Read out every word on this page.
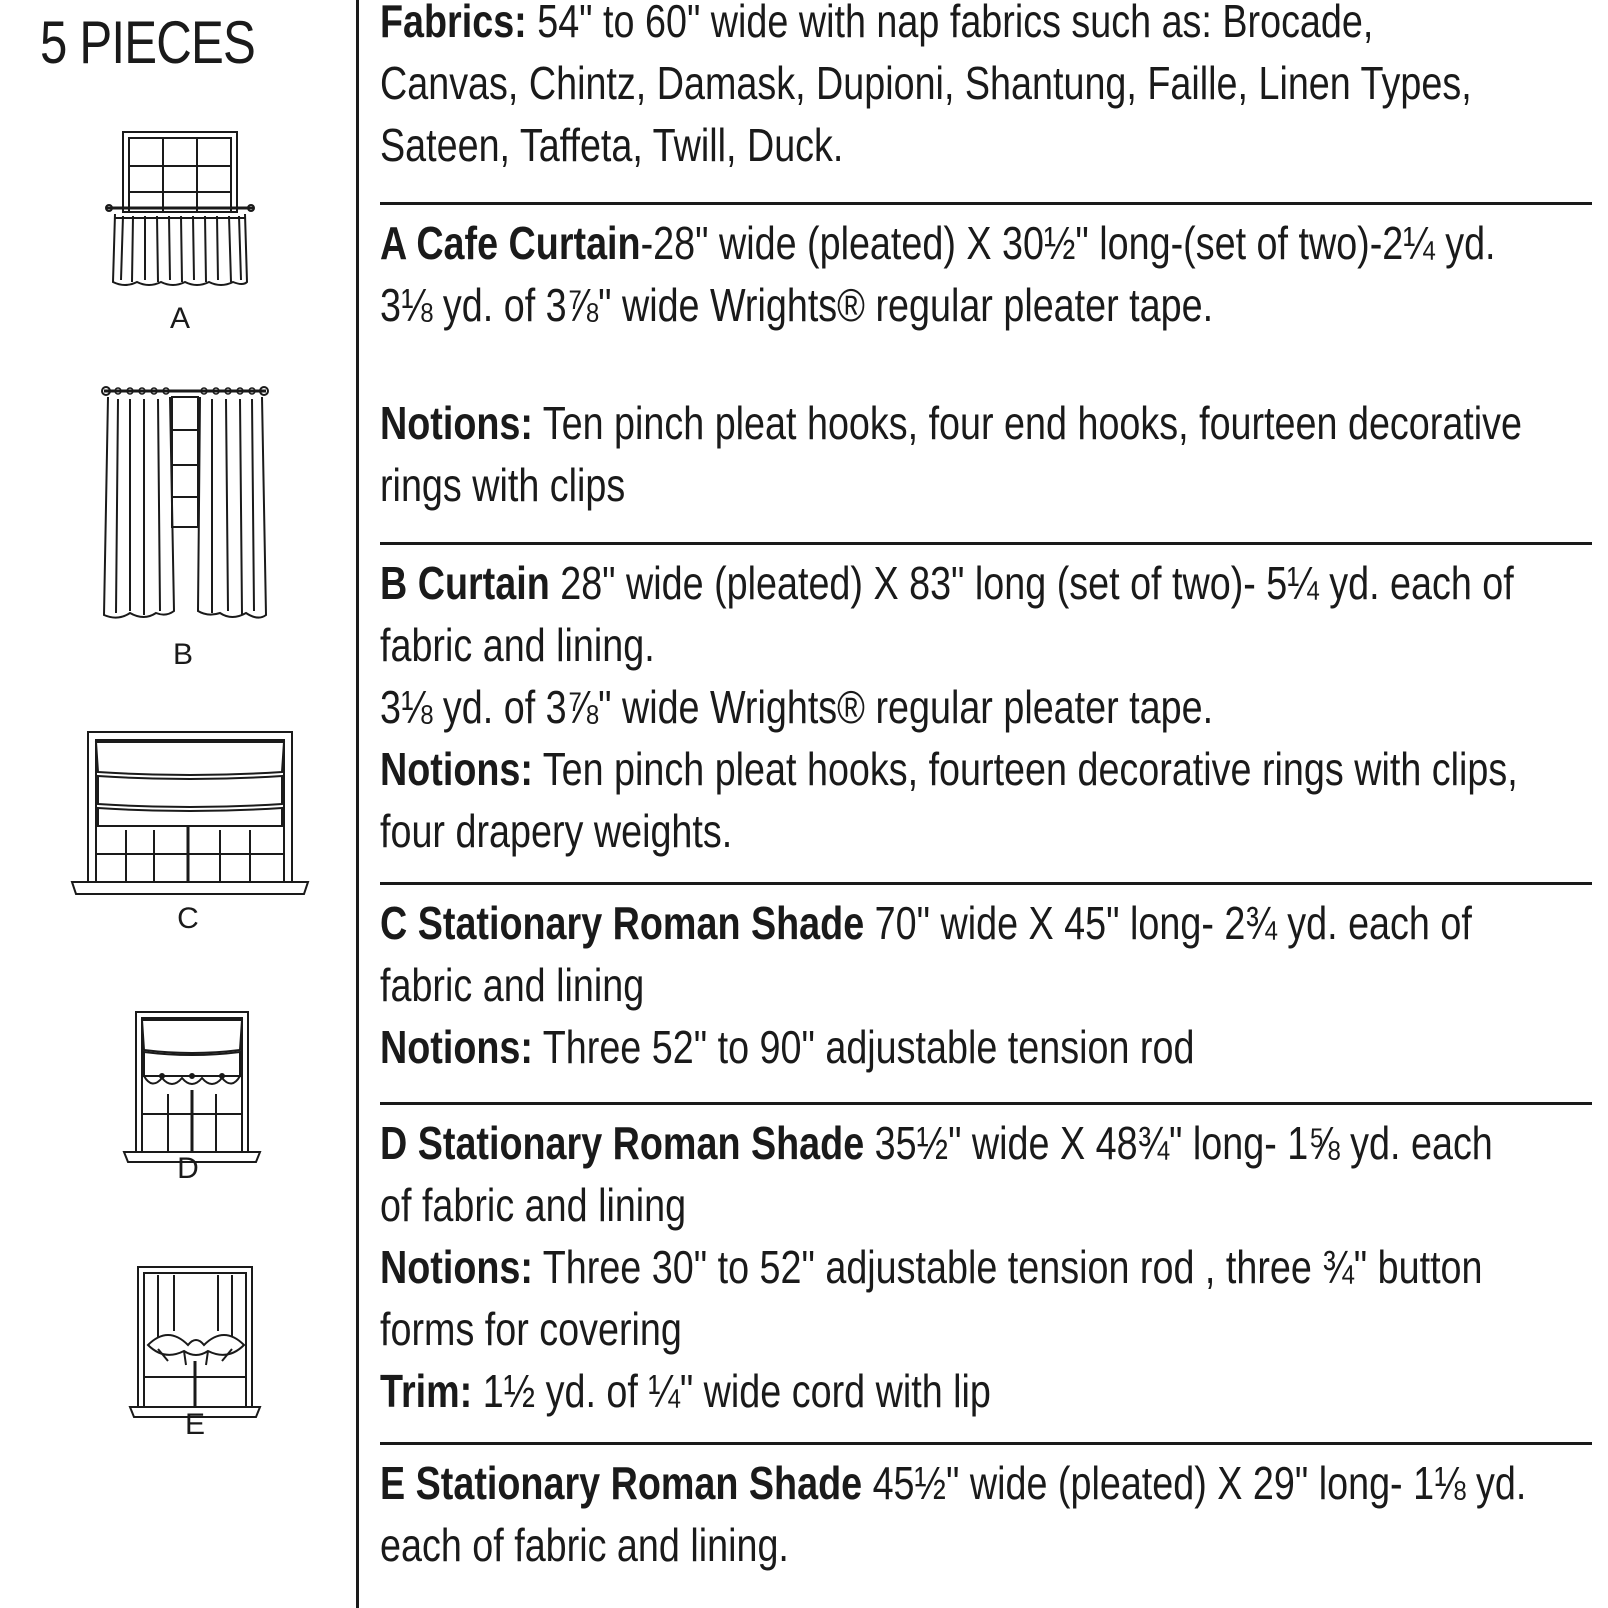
5 PIECES
A
B
C
D
E
Fabrics: 54" to 60" wide with nap fabrics such as: Brocade,
Canvas, Chintz, Damask, Dupioni, Shantung, Faille, Linen Types,
Sateen, Taffeta, Twill, Duck.
A Cafe Curtain-28" wide (pleated) X 30½" long-(set of two)-2¼ yd.
3⅛ yd. of 3⅞" wide Wrights® regular pleater tape.
Notions: Ten pinch pleat hooks, four end hooks, fourteen decorative
rings with clips
B Curtain 28" wide (pleated) X 83" long (set of two)- 5¼ yd. each of
fabric and lining.
3⅛ yd. of 3⅞" wide Wrights® regular pleater tape.
Notions: Ten pinch pleat hooks, fourteen decorative rings with clips,
four drapery weights.
C Stationary Roman Shade 70" wide X 45" long- 2¾ yd. each of
fabric and lining
Notions: Three 52" to 90" adjustable tension rod
D Stationary Roman Shade 35½" wide X 48¾" long- 1⅝ yd. each
of fabric and lining
Notions: Three 30" to 52" adjustable tension rod , three ¾" button
forms for covering
Trim: 1½ yd. of ¼" wide cord with lip
E Stationary Roman Shade 45½" wide (pleated) X 29" long- 1⅛ yd.
each of fabric and lining.
